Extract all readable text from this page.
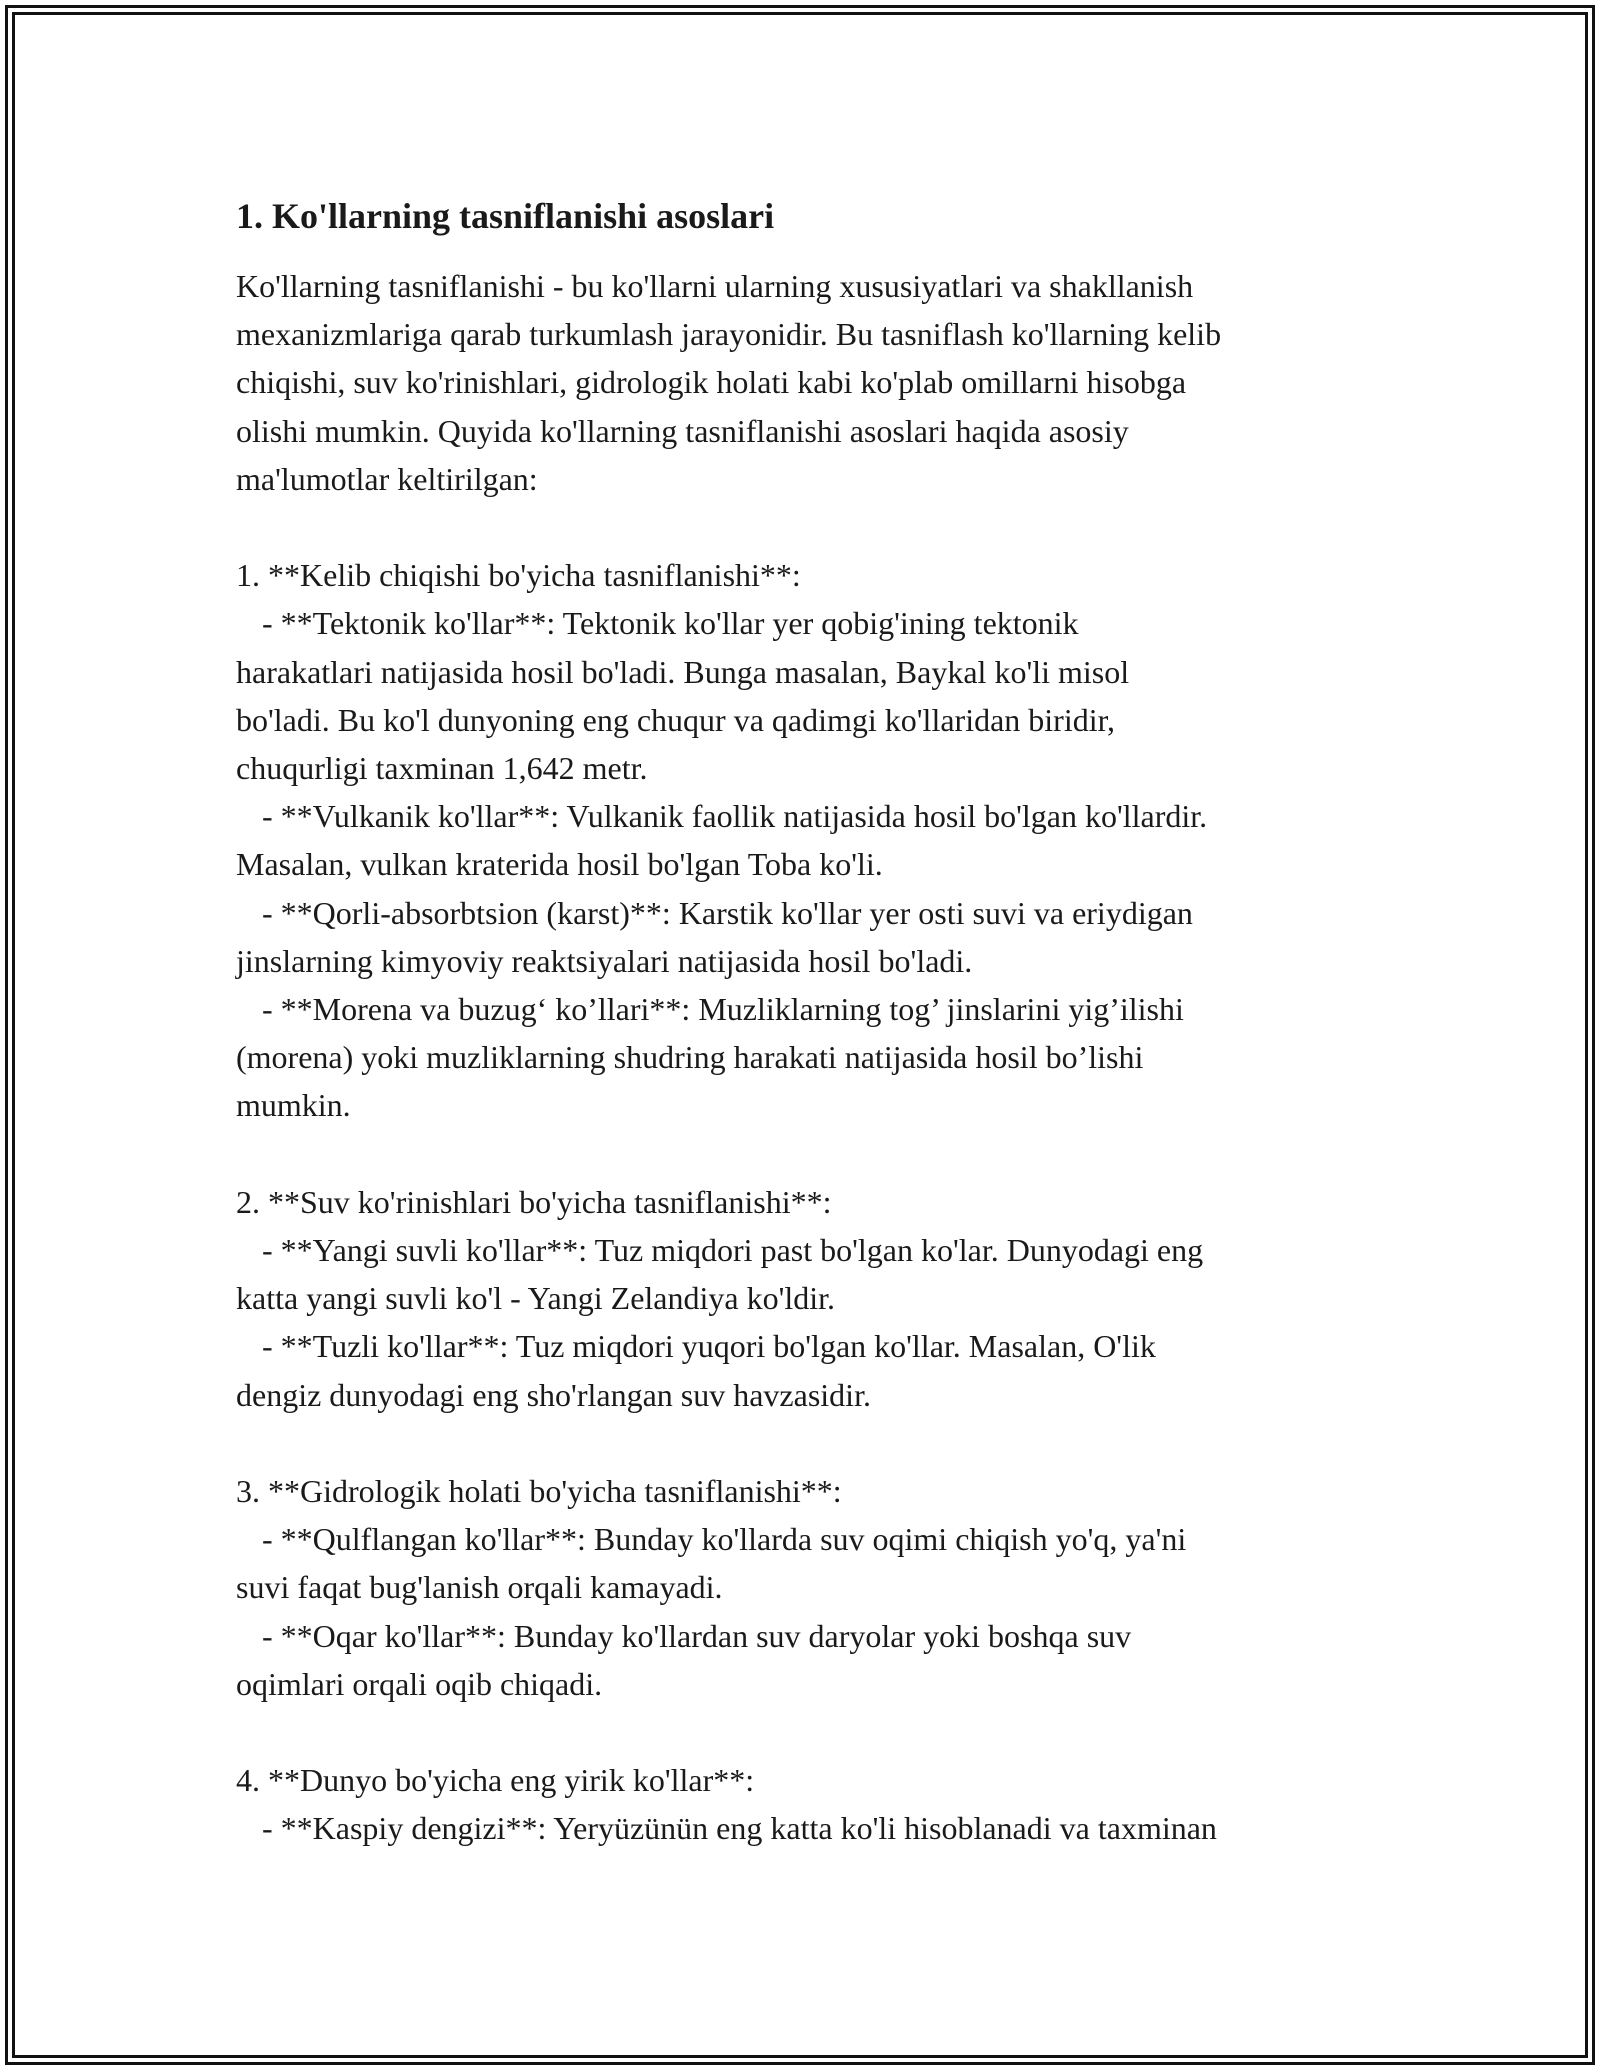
1. Ko'llarning tasniflanishi asoslari
Ko'llarning tasniflanishi - bu ko'llarni ularning xususiyatlari va shakllanish
mexanizmlariga qarab turkumlash jarayonidir. Bu tasniflash ko'llarning kelib
chiqishi, suv ko'rinishlari, gidrologik holati kabi ko'plab omillarni hisobga
olishi mumkin. Quyida ko'llarning tasniflanishi asoslari haqida asosiy
ma'lumotlar keltirilgan:
1. **Kelib chiqishi bo'yicha tasniflanishi**:
- **Tektonik ko'llar**: Tektonik ko'llar yer qobig'ining tektonik
harakatlari natijasida hosil bo'ladi. Bunga masalan, Baykal ko'li misol
bo'ladi. Bu ko'l dunyoning eng chuqur va qadimgi ko'llaridan biridir,
chuqurligi taxminan 1,642 metr.
- **Vulkanik ko'llar**: Vulkanik faollik natijasida hosil bo'lgan ko'llardir.
Masalan, vulkan kraterida hosil bo'lgan Toba ko'li.
- **Qorli-absorbtsion (karst)**: Karstik ko'llar yer osti suvi va eriydigan
jinslarning kimyoviy reaktsiyalari natijasida hosil bo'ladi.
- **Morena va buzug‘ ko’llari**: Muzliklarning tog’ jinslarini yig’ilishi
(morena) yoki muzliklarning shudring harakati natijasida hosil bo’lishi
mumkin.
2. **Suv ko'rinishlari bo'yicha tasniflanishi**:
- **Yangi suvli ko'llar**: Tuz miqdori past bo'lgan ko'lar. Dunyodagi eng
katta yangi suvli ko'l - Yangi Zelandiya ko'ldir.
- **Tuzli ko'llar**: Tuz miqdori yuqori bo'lgan ko'llar. Masalan, O'lik
dengiz dunyodagi eng sho'rlangan suv havzasidir.
3. **Gidrologik holati bo'yicha tasniflanishi**:
- **Qulflangan ko'llar**: Bunday ko'llarda suv oqimi chiqish yo'q, ya'ni
suvi faqat bug'lanish orqali kamayadi.
- **Oqar ko'llar**: Bunday ko'llardan suv daryolar yoki boshqa suv
oqimlari orqali oqib chiqadi.
4. **Dunyo bo'yicha eng yirik ko'llar**:
- **Kaspiy dengizi**: Yeryüzünün eng katta ko'li hisoblanadi va taxminan
